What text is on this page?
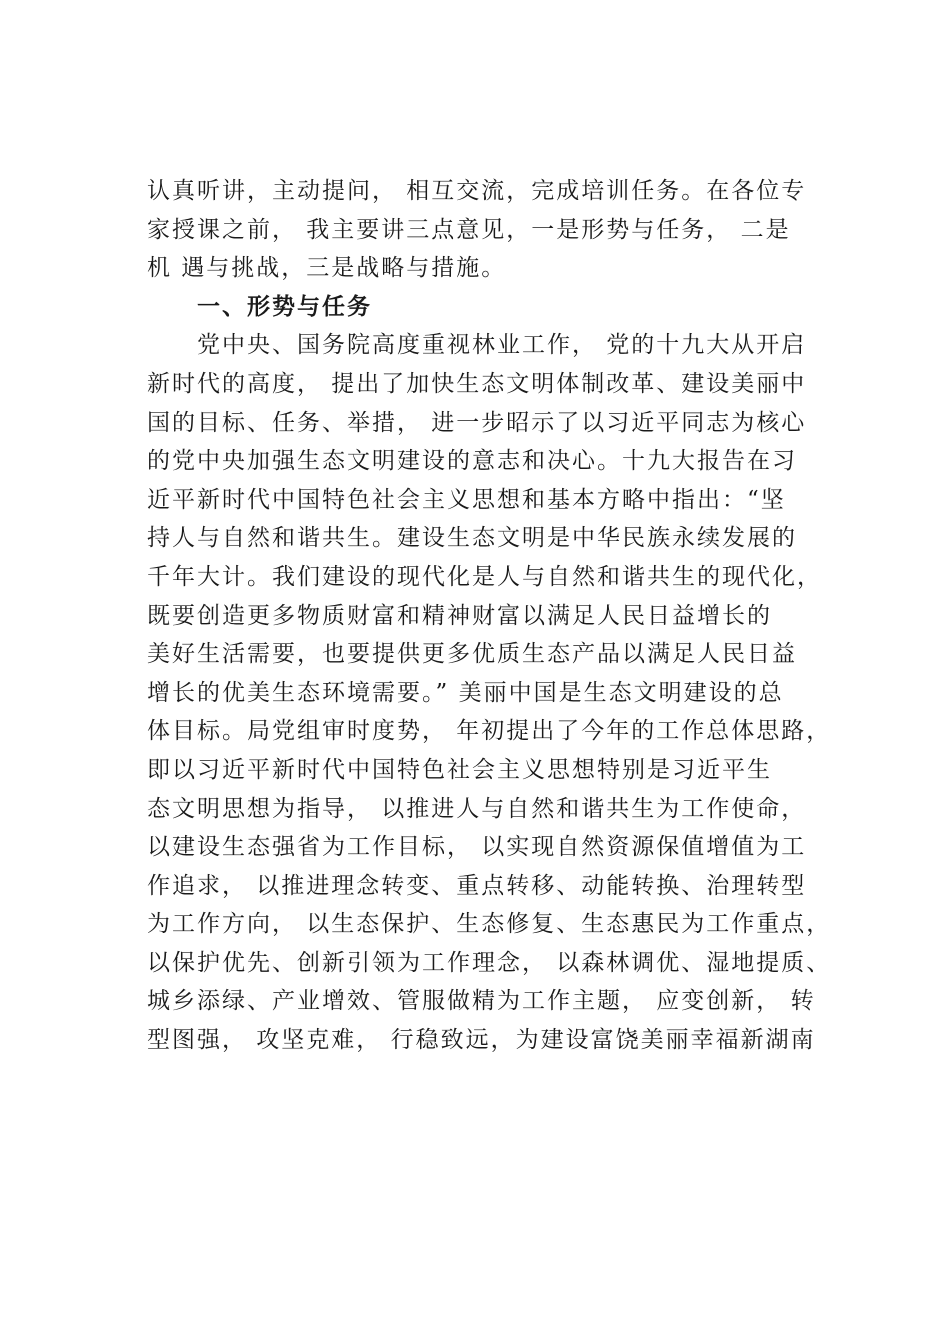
认真听讲，主动提问， 相互交流，完成培训任务。在各位专
家授课之前， 我主要讲三点意见，一是形势与任务， 二是
机 遇与挑战，三是战略与措施。
一、形势与任务
党中央、国务院高度重视林业工作， 党的十九大从开启
新时代的高度， 提出了加快生态文明体制改革、建设美丽中
国的目标、任务、举措， 进一步昭示了以习近平同志为核心
的党中央加强生态文明建设的意志和决心。十九大报告在习
近平新时代中国特色社会主义思想和基本方略中指出：“坚
持人与自然和谐共生。建设生态文明是中华民族永续发展的
千年大计。我们建设的现代化是人与自然和谐共生的现代化，
既要创造更多物质财富和精神财富以满足人民日益增长的
美好生活需要，也要提供更多优质生态产品以满足人民日益
增长的优美生态环境需要。” 美丽中国是生态文明建设的总
体目标。局党组审时度势， 年初提出了今年的工作总体思路，
即以习近平新时代中国特色社会主义思想特别是习近平生
态文明思想为指导， 以推进人与自然和谐共生为工作使命，
以建设生态强省为工作目标， 以实现自然资源保值增值为工
作追求， 以推进理念转变、重点转移、动能转换、治理转型
为工作方向， 以生态保护、生态修复、生态惠民为工作重点，
以保护优先、创新引领为工作理念， 以森林调优、湿地提质、
城乡添绿、产业增效、管服做精为工作主题， 应变创新， 转
型图强， 攻坚克难， 行稳致远，为建设富饶美丽幸福新湖南
